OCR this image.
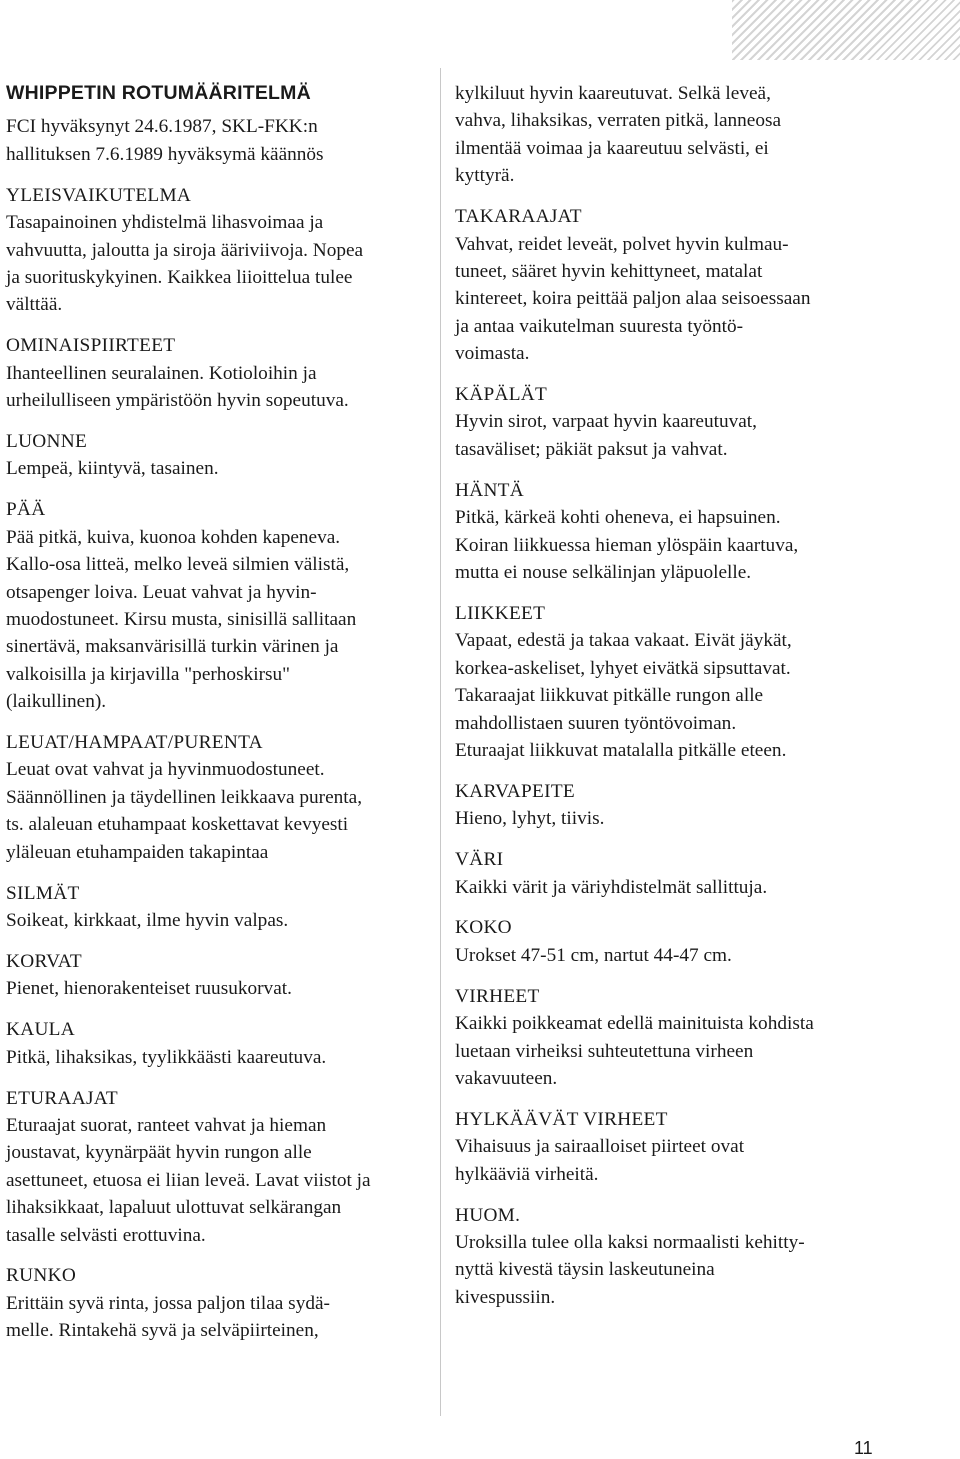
WHIPPETIN ROTUMÄÄRITELMÄ
FCI hyväksynyt 24.6.1987, SKL-FKK:n
hallituksen 7.6.1989 hyväksymä käännös
YLEISVAIKUTELMA
Tasapainoinen yhdistelmä lihasvoimaa ja
vahvuutta, jaloutta ja siroja ääriviivoja. Nopea
ja suorituskykyinen. Kaikkea liioittelua tulee
välttää.
OMINAISPIIRTEET
Ihanteellinen seuralainen. Kotioloihin ja
urheilulliseen ympäristöön hyvin sopeutuva.
LUONNE
Lempeä, kiintyvä, tasainen.
PÄÄ
Pää pitkä, kuiva, kuonoa kohden kapeneva.
Kallo-osa litteä, melko leveä silmien välistä,
otsapenger loiva. Leuat vahvat ja hyvin-
muodostuneet. Kirsu musta, sinisillä sallitaan
sinertävä, maksanvärisillä turkin värinen ja
valkoisilla ja kirjavilla "perhoskirsu"
(laikullinen).
LEUAT/HAMPAAT/PURENTA
Leuat ovat vahvat ja hyvinmuodostuneet.
Säännöllinen ja täydellinen leikkaava purenta,
ts. alaleuan etuhampaat koskettavat kevyesti
yläleuan etuhampaiden takapintaa
SILMÄT
Soikeat, kirkkaat, ilme hyvin valpas.
KORVAT
Pienet, hienorakenteiset ruusukorvat.
KAULA
Pitkä, lihaksikas, tyylikkäästi kaareutuva.
ETURAAJAT
Eturaajat suorat, ranteet vahvat ja hieman
joustavat, kyynärpäät hyvin rungon alle
asettuneet, etuosa ei liian leveä. Lavat viistot ja
lihaksikkaat, lapaluut ulottuvat selkärangan
tasalle selvästi erottuvina.
RUNKO
Erittäin syvä rinta, jossa paljon tilaa sydä-
melle. Rintakehä syvä ja selväpiirteinen,
kylkiluut hyvin kaareutuvat. Selkä leveä,
vahva, lihaksikas, verraten pitkä, lanneosa
ilmentää voimaa ja kaareutuu selvästi, ei
kyttyrä.
TAKARAAJAT
Vahvat, reidet leveät, polvet hyvin kulmau-
tuneet, sääret hyvin kehittyneet, matalat
kintereet, koira peittää paljon alaa seisoessaan
ja antaa vaikutelman suuresta työntö-
voimasta.
KÄPÄLÄT
Hyvin sirot, varpaat hyvin kaareutuvat,
tasaväliset; päkiät paksut ja vahvat.
HÄNTÄ
Pitkä, kärkeä kohti oheneva, ei hapsuinen.
Koiran liikkuessa hieman ylöspäin kaartuva,
mutta ei nouse selkälinjan yläpuolelle.
LIIKKEET
Vapaat, edestä ja takaa vakaat. Eivät jäykät,
korkea-askeliset, lyhyet eivätkä sipsuttavat.
Takaraajat liikkuvat pitkälle rungon alle
mahdollistaen suuren työntövoiman.
Eturaajat liikkuvat matalalla pitkälle eteen.
KARVAPEITE
Hieno, lyhyt, tiivis.
VÄRI
Kaikki värit ja väriyhdistelmät sallittuja.
KOKO
Urokset 47-51 cm, nartut 44-47 cm.
VIRHEET
Kaikki poikkeamat edellä mainituista kohdista
luetaan virheiksi suhteutettuna virheen
vakavuuteen.
HYLKÄÄVÄT VIRHEET
Vihaisuus ja sairaalloiset piirteet ovat
hylkääviä virheitä.
HUOM.
Uroksilla tulee olla kaksi normaalisti kehitty-
nyttä kivestä täysin laskeutuneina
kivespussiin.
11
